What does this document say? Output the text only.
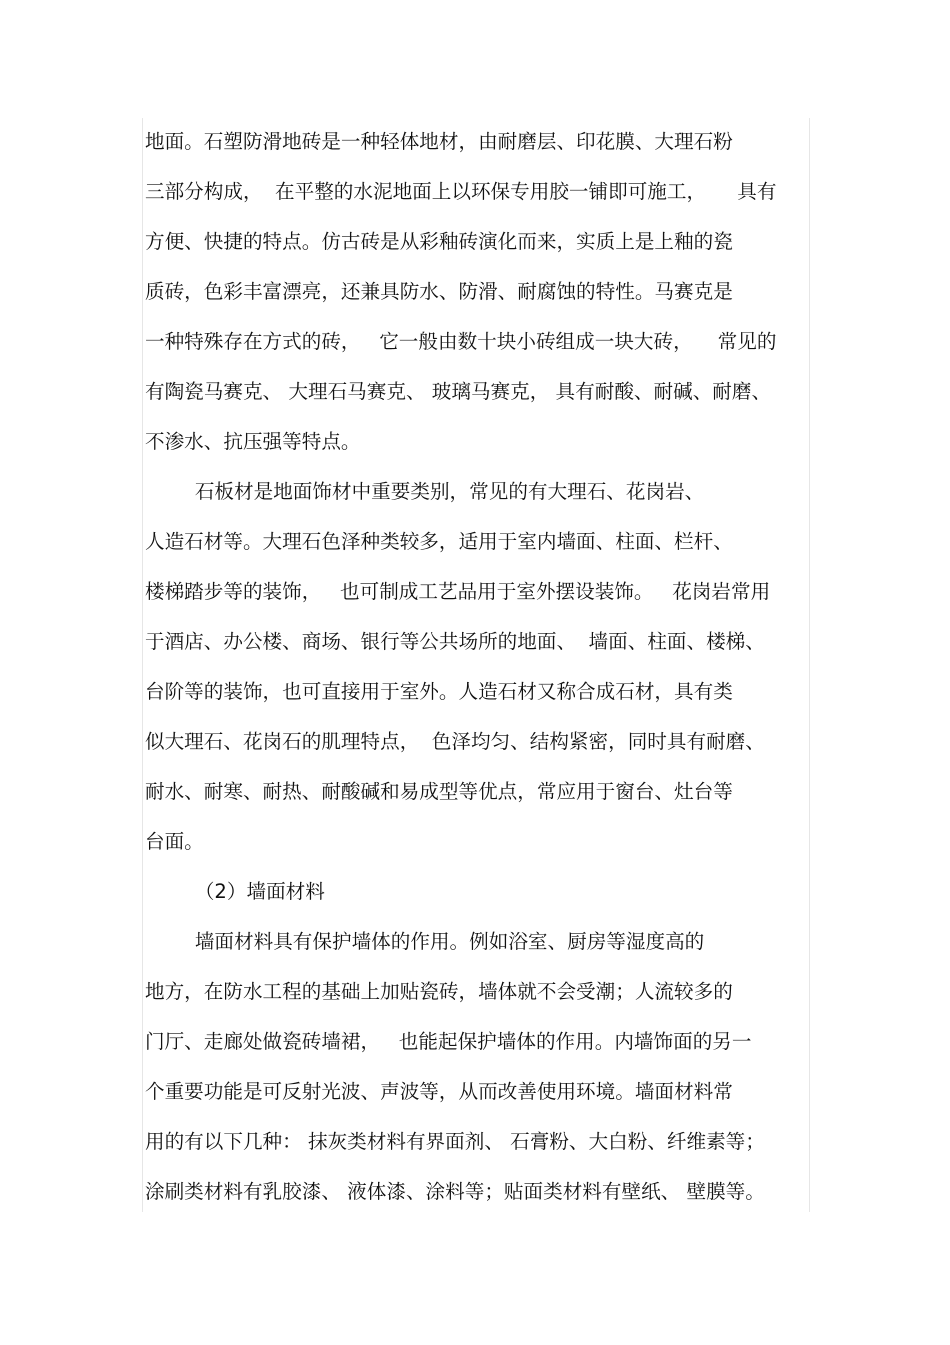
地面。石塑防滑地砖是一种轻体地材，由耐磨层、印花膜、大理石粉
三部分构成，  在平整的水泥地面上以环保专用胶一铺即可施工，     具有
方便、快捷的特点。仿古砖是从彩釉砖演化而来，实质上是上釉的瓷
质砖，色彩丰富漂亮，还兼具防水、防滑、耐腐蚀的特性。马赛克是
一种特殊存在方式的砖，   它一般由数十块小砖组成一块大砖，    常见的
有陶瓷马赛克、 大理石马赛克、 玻璃马赛克， 具有耐酸、耐碱、耐磨、
不渗水、抗压强等特点。
石板材是地面饰材中重要类别，常见的有大理石、花岗岩、
人造石材等。大理石色泽种类较多，适用于室内墙面、柱面、栏杆、
楼梯踏步等的装饰，   也可制成工艺品用于室外摆设装饰。   花岗岩常用
于酒店、办公楼、商场、银行等公共场所的地面、  墙面、柱面、楼梯、
台阶等的装饰，也可直接用于室外。人造石材又称合成石材，具有类
似大理石、花岗石的肌理特点，  色泽均匀、结构紧密，同时具有耐磨、
耐水、耐寒、耐热、耐酸碱和易成型等优点，常应用于窗台、灶台等
台面。
（2）墙面材料
墙面材料具有保护墙体的作用。例如浴室、厨房等湿度高的
地方，在防水工程的基础上加贴瓷砖，墙体就不会受潮；人流较多的
门厅、走廊处做瓷砖墙裙，   也能起保护墙体的作用。内墙饰面的另一
个重要功能是可反射光波、声波等，从而改善使用环境。墙面材料常
用的有以下几种： 抹灰类材料有界面剂、 石膏粉、大白粉、纤维素等；
涂刷类材料有乳胶漆、 液体漆、涂料等；贴面类材料有壁纸、 壁膜等。
